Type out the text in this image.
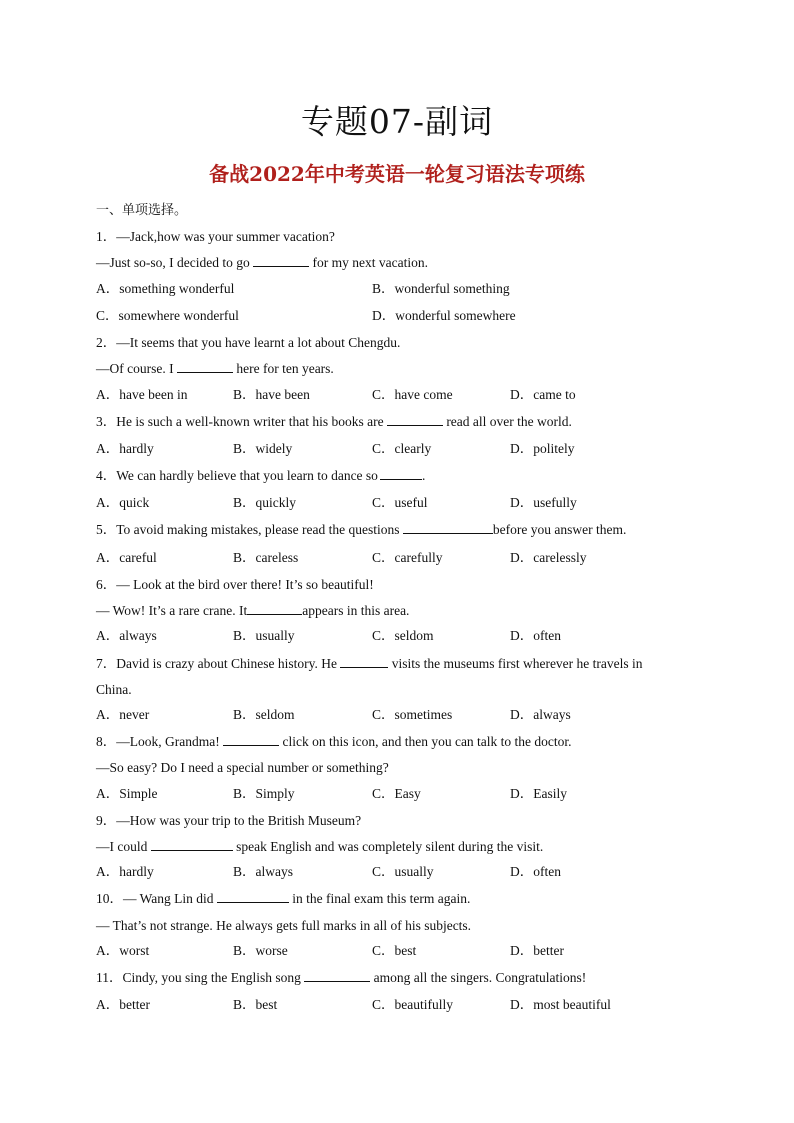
专题07-副词
备战2022年中考英语一轮复习语法专项练
一、单项选择。
1．—Jack,how was your summer vacation?
—Just so-so, I decided to go	for my next vacation.
A．something wonderful	B．wonderful something
C．somewhere wonderful	D．wonderful somewhere
2．—It seems that you have learnt a lot about Chengdu.
—Of course. I	here for ten years.
A．have been in	B．have been	C．have come	D．came to
3．He is such a well-known writer that his books are	read all over the world.
A．hardly	B．widely	C．clearly	D．politely
4．We can hardly believe that you learn to dance so	.
A．quick	B．quickly	C．useful	D．usefully
5．To avoid making mistakes, please read the questions	before you answer them.
A．careful	B．careless	C．carefully	D．carelessly
6．— Look at the bird over there! It’s so beautiful!
— Wow! It’s a rare crane. It	appears in this area.
A．always	B．usually	C．seldom	D．often
7．David is crazy about Chinese history. He	visits the museums first wherever he travels in
China.
A．never	B．seldom	C．sometimes	D．always
8．—Look, Grandma!	click on this icon, and then you can talk to the doctor.
—So easy? Do I need a special number or something?
A．Simple	B．Simply	C．Easy	D．Easily
9．—How was your trip to the British Museum?
—I could	speak English and was completely silent during the visit.
A．hardly	B．always	C．usually	D．often
10．— Wang Lin did	in the final exam this term again.
— That’s not strange. He always gets full marks in all of his subjects.
A．worst	B．worse	C．best	D．better
11．Cindy, you sing the English song	among all the singers. Congratulations!
A．better	B．best	C．beautifully	D．most beautiful
